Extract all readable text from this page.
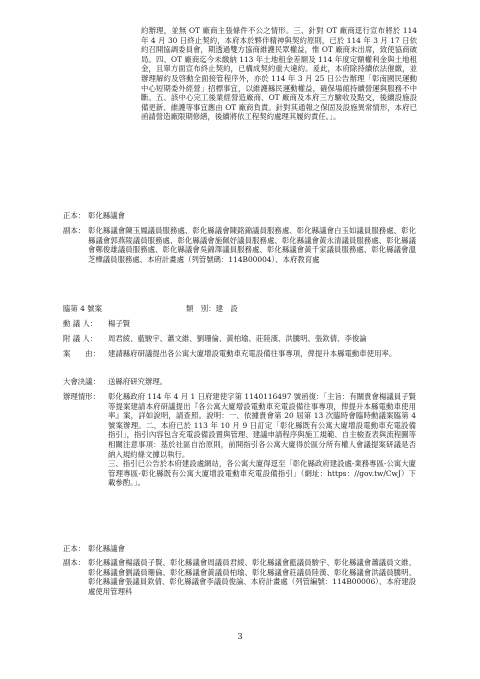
約辦理，並無 OT 廠商主張條件不公之情形。三、針對 OT 廠商逕行宣布將於 114 年 4 月 30 日終止契約，本府本於夥伴精神與契約原則，已於 114 年 3 月 17 日依約召開協調委員會，期透過雙方協商維護民眾權益，惟 OT 廠商未出席，致使協商破局。四、OT 廠商迄今未繳納 113 年土地租金差額及 114 年度定額權利金與土地租金，且單方面宣布終止契約，已構成契約重大違約。爰此，本府除持續依法催繳，並辦理解約及啓動全面接管程序外，亦於 114 年 3 月 25 日公告辦理「彰南國民運動中心短期委外經營」招標事宜，以維護縣民運動權益，確保場館持續營運與服務不中斷。五、該中心完工後業經營造廠商、OT 廠商及本府三方驗收及點交，後續設施設備更新、維護等事宜應由 OT 廠商負責。針對其通報之保固及設施異常情形，本府已函請營造廠限期修繕，後續將依工程契約處理其履約責任。」。
正本： 彰化縣議會
副本： 彰化縣議會陳玉鳳議員服務處、彰化縣議會陳銘錦議員服務處、彰化縣議會白玉如議員服務處、彰化縣議會郭燕陵議員服務處、彰化縣議會施佩妤議員服務處、彰化縣議會黃永清議員服務處、彰化縣議會鄭俊雄議員服務處、彰化縣議會吳錦澤議員服務處、彰化縣議會黃千家議員服務處、彰化縣議會溫芝樺議員服務處、本府計畫處（列管號碼：114B00004）、本府教育處
臨第 4 號案	類　別：建　設
動 議 人： 楊子賢
附 議 人： 周君綾、藍駿宇、蕭文維、劉珊倫、黃柏瑜、莊陸漢、洪騰明、張欽倩、李俊論
案　　由： 建請縣府研議提出各公寓大廈增設電動車充電設備往事專項，俾提升本縣電動車使用率。
大會決議： 送縣府研究辦理。
辦理情形： 彰化縣政府 114 年 4 月 1 日府建使字第 1140116497 號函復：「主旨：有關貴會楊議員子賢等提案建請本府研議提出『各公寓大廈增設電動車充電設備往事專項，俾提升本縣電動車使用率』案，詳如說明，請查照。說明：一、依據貴會第 20 屆第 13 次臨時會臨時動議案臨第 4 號案辦理。二、本府已於 113 年 10 月 9 日訂定「彰化縣既有公寓大廈增設電動車充電設備指引」，指引內容包含充電設備設置與管理、建議申請程序與施工規範、自主檢查表與流程圖等相關注意事項：基於社區自治原則，前開指引各公寓大廈得於區分所有權人會議提案研議是否納入規約條文據以執行。
三、指引已公告於本府建設處網站，各公寓大廈得逕至「彰化縣政府建設處-業務專區-公寓大廈管理專區-彰化縣既有公寓大廈增設電動車充電設備指引」（網址：https：//gov.tw/CwJ）下載參酌。」。
正本： 彰化縣議會
副本： 彰化縣議會楊議員子賢、彰化縣議會周議員君綾、彰化縣議會藍議員駿宇、彰化縣議會蕭議員文維、彰化縣議會劉議員珊倫、彰化縣議會黃議員柏瑜、彰化縣議會莊議員陸漢、彰化縣議會洪議員騰明、彰化縣議會張議員欽倩、彰化縣議會李議員俊論、本府計畫處（列管編號：114B00006）、本府建設處使用管理科
3
